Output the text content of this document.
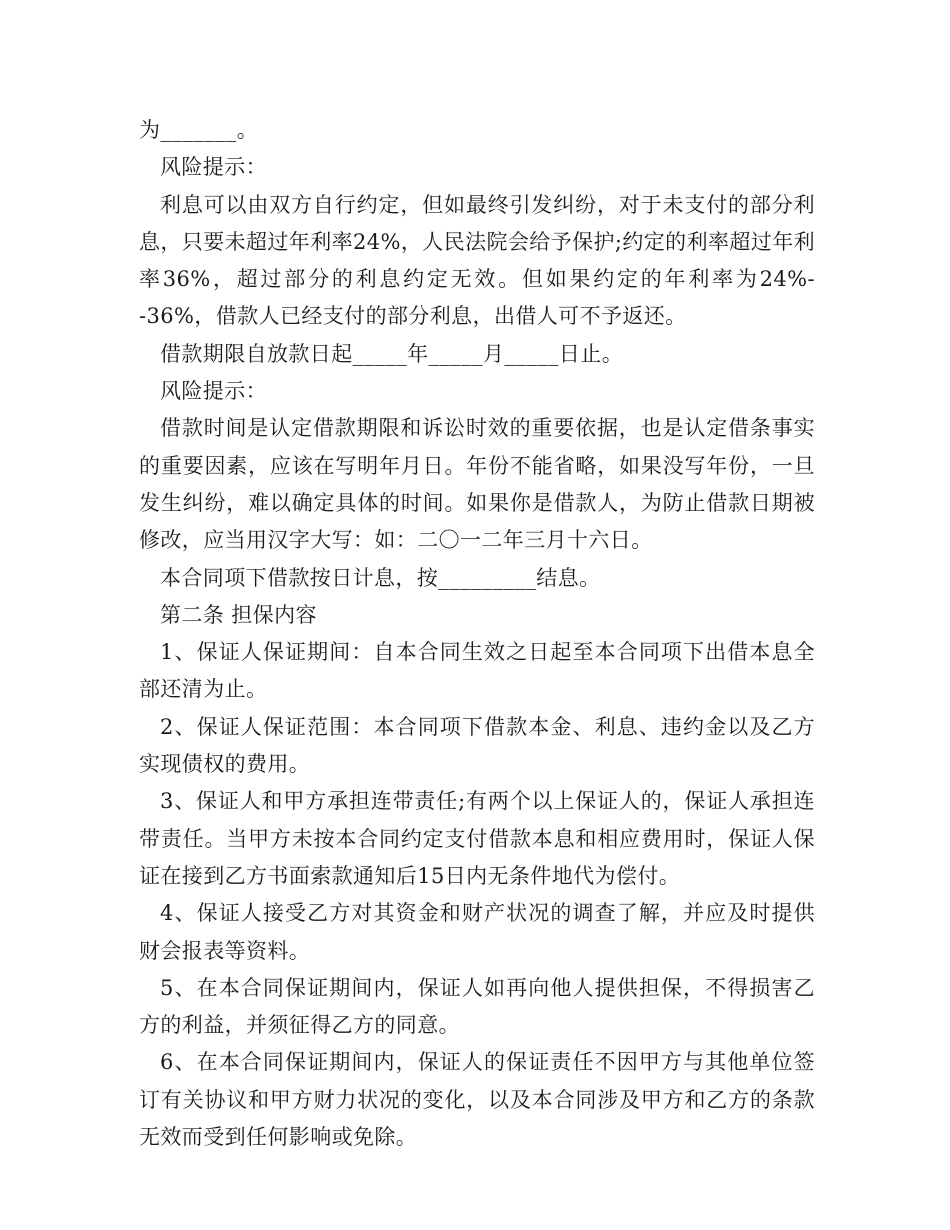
为_______。

风险提示：

利息可以由双方自行约定，但如最终引发纠纷，对于未支付的部分利息，只要未超过年利率24%，人民法院会给予保护;约定的利率超过年利率36%，超过部分的利息约定无效。但如果约定的年利率为24%--36%，借款人已经支付的部分利息，出借人可不予返还。

借款期限自放款日起_____年_____月_____日止。

风险提示：

借款时间是认定借款期限和诉讼时效的重要依据，也是认定借条事实的重要因素，应该在写明年月日。年份不能省略，如果没写年份，一旦发生纠纷，难以确定具体的时间。如果你是借款人，为防止借款日期被修改，应当用汉字大写：如：二〇一二年三月十六日。

本合同项下借款按日计息，按_________结息。

第二条 担保内容

1、保证人保证期间：自本合同生效之日起至本合同项下出借本息全部还清为止。

2、保证人保证范围：本合同项下借款本金、利息、违约金以及乙方实现债权的费用。

3、保证人和甲方承担连带责任;有两个以上保证人的，保证人承担连带责任。当甲方未按本合同约定支付借款本息和相应费用时，保证人保证在接到乙方书面索款通知后15日内无条件地代为偿付。

4、保证人接受乙方对其资金和财产状况的调查了解，并应及时提供财会报表等资料。

5、在本合同保证期间内，保证人如再向他人提供担保，不得损害乙方的利益，并须征得乙方的同意。

6、在本合同保证期间内，保证人的保证责任不因甲方与其他单位签订有关协议和甲方财力状况的变化，以及本合同涉及甲方和乙方的条款无效而受到任何影响或免除。
